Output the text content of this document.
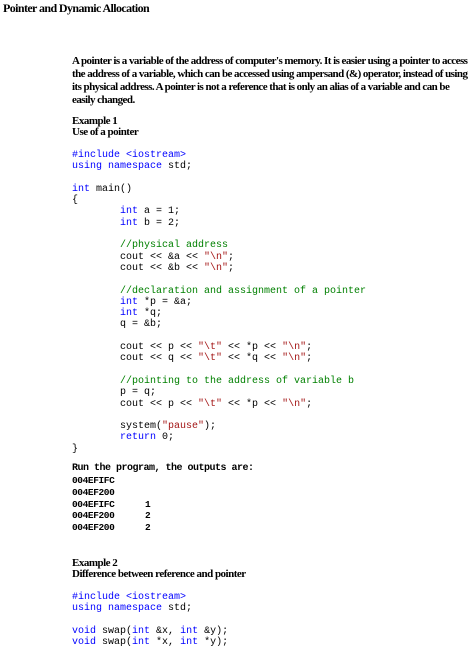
Pointer and Dynamic Allocation
A pointer is a variable of the address of computer's memory. It is easier using a pointer to access the address of a variable, which can be accessed using ampersand (&) operator, instead of using its physical address. A pointer is not a reference that is only an alias of a variable and can be easily changed.
Example 1
Use of a pointer
#include <iostream>
using namespace std;
int main()
{
int a = 1;
int b = 2;
//physical address
cout << &a << "\n";
cout << &b << "\n";
//declaration and assignment of a pointer
int *p = &a;
int *q;
q = &b;
cout << p << "\t" << *p << "\n";
cout << q << "\t" << *q << "\n";
//pointing to the address of variable b
p = q;
cout << p << "\t" << *p << "\n";
system("pause");
return 0;
}
Run the program, the outputs are:
004EFIFC
004EF200
004EFIFC	1
004EF200	2
004EF200	2
Example 2
Difference between reference and pointer
#include <iostream>
using namespace std;
void swap(int &x, int &y);
void swap(int *x, int *y);
